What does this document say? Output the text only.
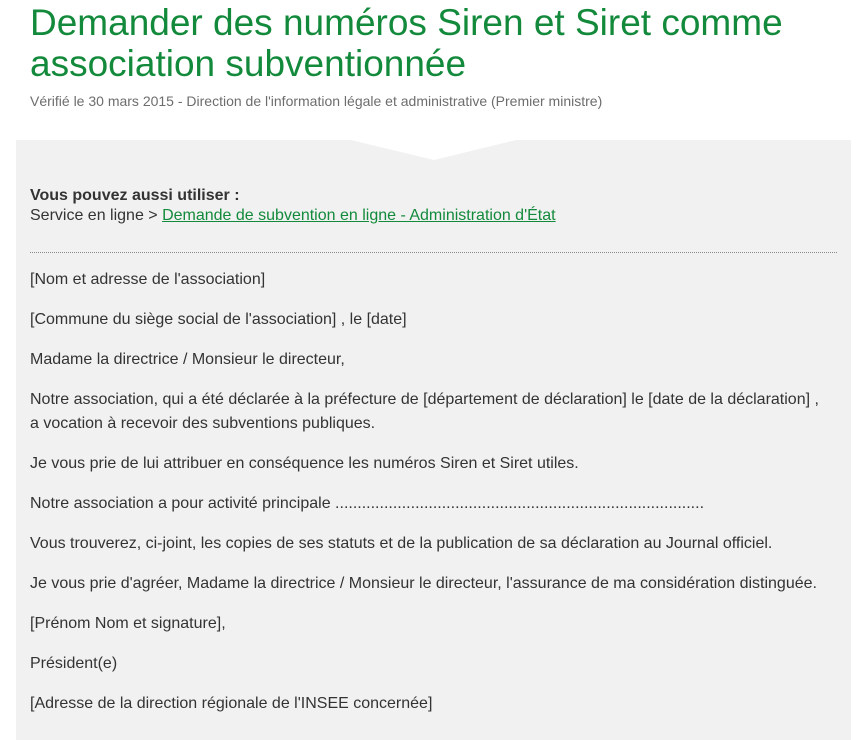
Demander des numéros Siren et Siret comme association subventionnée
Vérifié le 30 mars 2015 - Direction de l'information légale et administrative (Premier ministre)
Vous pouvez aussi utiliser :
Service en ligne > Demande de subvention en ligne - Administration d'État

[Nom et adresse de l'association]

[Commune du siège social de l'association] , le [date]

Madame la directrice / Monsieur le directeur,

Notre association, qui a été déclarée à la préfecture de [département de déclaration] le [date de la déclaration] , a vocation à recevoir des subventions publiques.

Je vous prie de lui attribuer en conséquence les numéros Siren et Siret utiles.

Notre association a pour activité principale ...................................................................................

Vous trouverez, ci-joint, les copies de ses statuts et de la publication de sa déclaration au Journal officiel.

Je vous prie d'agréer, Madame la directrice / Monsieur le directeur, l'assurance de ma considération distinguée.

[Prénom Nom et signature],

Président(e)

[Adresse de la direction régionale de l'INSEE concernée]
